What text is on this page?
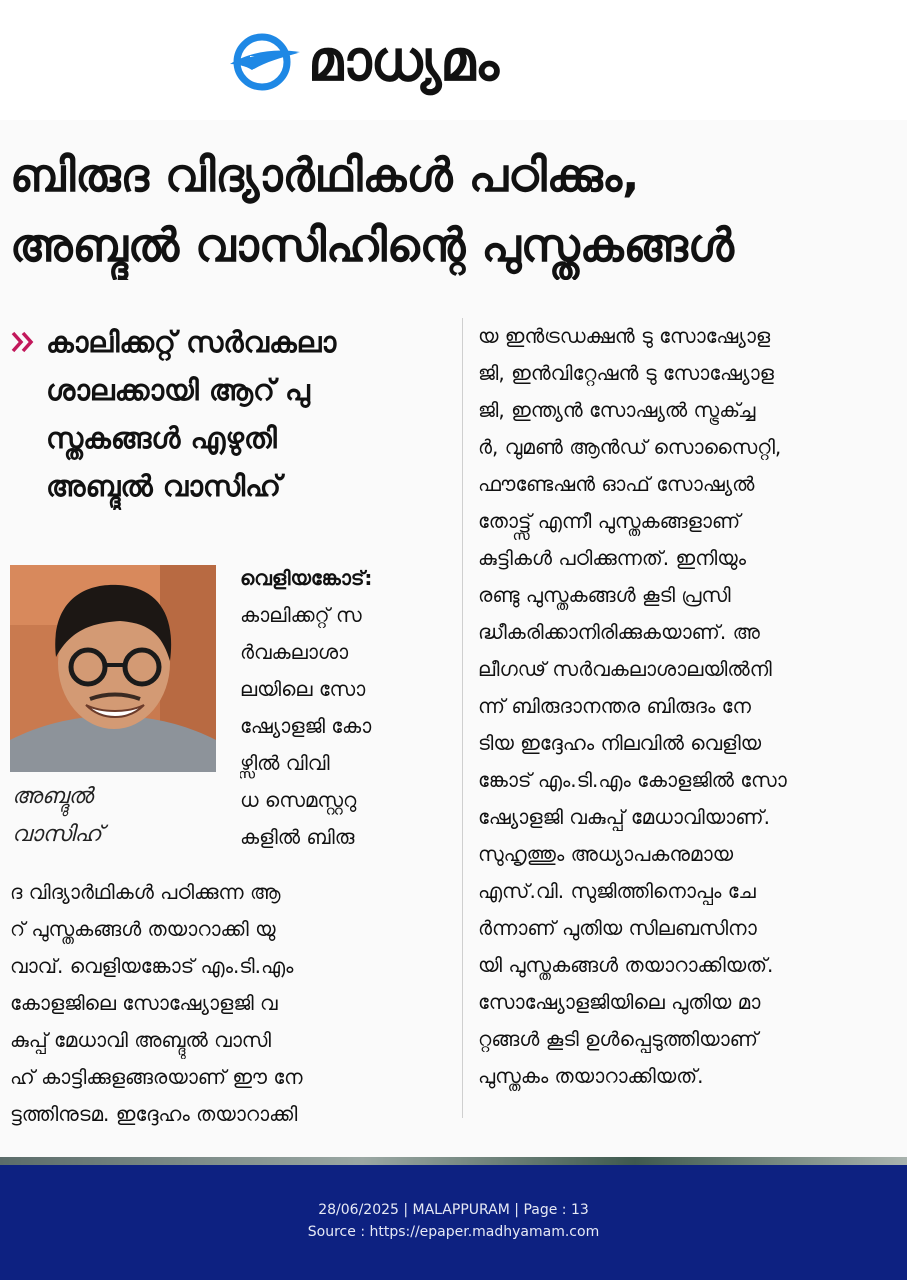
മാധ്യമം
ബിരുദ വിദ്യാർഥികൾ പഠിക്കും,
അബ്ദുൽ വാസിഹിന്റെ പുസ്തകങ്ങൾ
കാലിക്കറ്റ് സർവകലാ
ശാലക്കായി ആറ് പു
സ്തകങ്ങൾ എഴുതി
അബ്ദുൽ വാസിഹ്
അബ്ദുൽ
വാസിഹ്
വെളിയങ്കോട്:
കാലിക്കറ്റ് സ
ർവകലാശാ
ലയിലെ സോ
ഷ്യോളജി കോ
ഴ്സിൽ വിവി
ധ സെമസ്റ്ററു
കളിൽ ബിരു
ദ വിദ്യാർഥികൾ പഠിക്കുന്ന ആ
റ് പുസ്തകങ്ങൾ തയാറാക്കി യു
വാവ്. വെളിയങ്കോട് എം.ടി.എം
കോളജിലെ സോഷ്യോളജി വ
കുപ്പ് മേധാവി അബ്ദുൽ വാസി
ഹ് കാട്ടിക്കുളങ്ങരയാണ് ഈ നേ
ട്ടത്തിനുടമ. ഇദ്ദേഹം തയാറാക്കി
യ ഇൻട്രഡക്ഷൻ ടു സോഷ്യോള
ജി, ഇൻവിറ്റേഷൻ ടു സോഷ്യോള
ജി, ഇന്ത്യൻ സോഷ്യൽ സ്ട്രക്ച്ച
ർ, വുമൺ ആൻഡ് സൊസൈറ്റി,
ഫൗണ്ടേഷൻ ഓഫ് സോഷ്യൽ
തോട്ട്സ് എന്നീ പുസ്തകങ്ങളാണ്
കുട്ടികൾ പഠിക്കുന്നത്. ഇനിയും
രണ്ടു പുസ്തകങ്ങൾ കൂടി പ്രസി
ദ്ധീകരിക്കാനിരിക്കുകയാണ്. അ
ലീഗഢ് സർവകലാശാലയിൽനി
ന്ന് ബിരുദാനന്തര ബിരുദം നേ
ടിയ ഇദ്ദേഹം നിലവിൽ വെളിയ
ങ്കോട് എം.ടി.എം കോളജിൽ സോ
ഷ്യോളജി വകുപ്പ് മേധാവിയാണ്.
സുഹൃത്തും അധ്യാപകനുമായ
എസ്.വി. സുജിത്തിനൊപ്പം ചേ
ർന്നാണ് പുതിയ സിലബസിനാ
യി പുസ്തകങ്ങൾ തയാറാക്കിയത്.
സോഷ്യോളജിയിലെ പുതിയ മാ
റ്റങ്ങൾ കൂടി ഉൾപ്പെടുത്തിയാണ്
പുസ്തകം തയാറാക്കിയത്.
28/06/2025 | MALAPPURAM | Page : 13
Source : https://epaper.madhyamam.com
